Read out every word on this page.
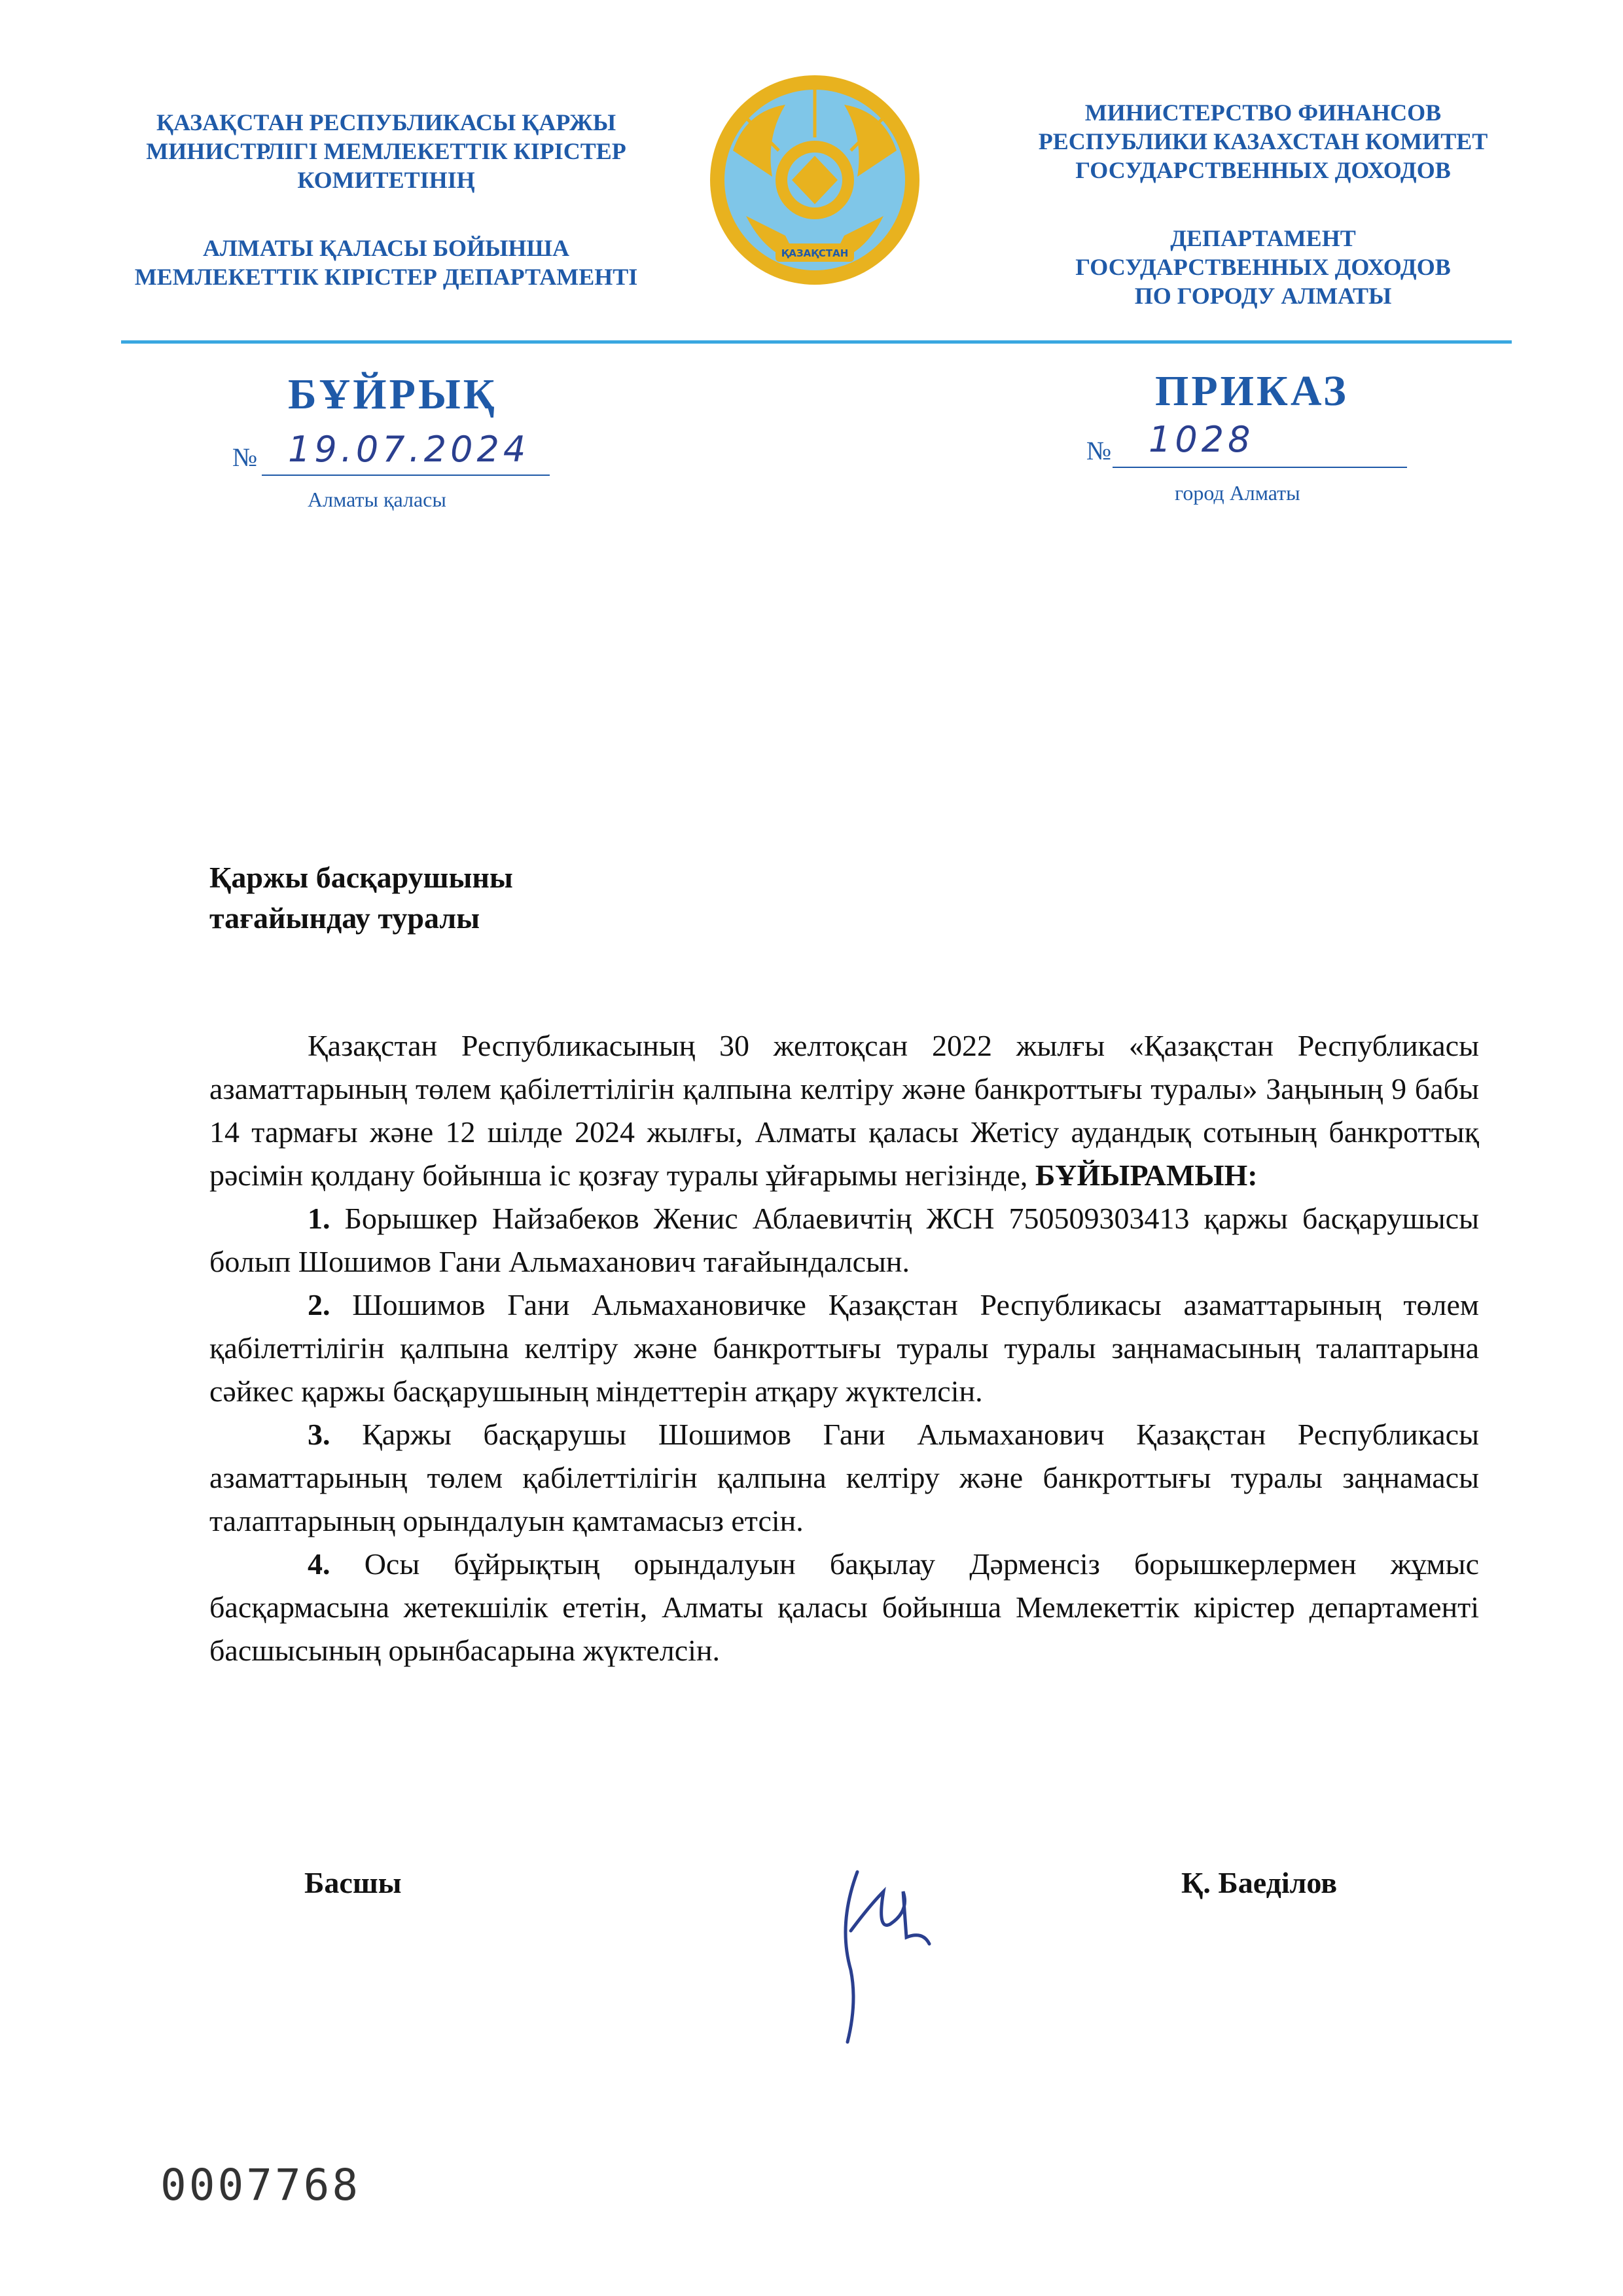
ҚАЗАҚСТАН РЕСПУБЛИКАСЫ ҚАРЖЫ
МИНИСТРЛІГІ МЕМЛЕКЕТТІК КІРІСТЕР
КОМИТЕТІНІҢ
АЛМАТЫ ҚАЛАСЫ БОЙЫНША
МЕМЛЕКЕТТІК КІРІСТЕР ДЕПАРТАМЕНТІ
ҚАЗАҚСТАН
МИНИСТЕРСТВО ФИНАНСОВ
РЕСПУБЛИКИ КАЗАХСТАН КОМИТЕТ
ГОСУДАРСТВЕННЫХ ДОХОДОВ
ДЕПАРТАМЕНТ
ГОСУДАРСТВЕННЫХ ДОХОДОВ
ПО ГОРОДУ АЛМАТЫ
БҰЙРЫҚ	ПРИКАЗ
№ 19.07.2024
Алматы қаласы
№ 1028
город Алматы
Қаржы басқарушыны
тағайындау туралы

Қазақстан Республикасының 30 желтоқсан 2022 жылғы «Қазақстан Республикасы азаматтарының төлем қабілеттілігін қалпына келтіру және банкроттығы туралы» Заңының 9 бабы 14 тармағы және 12 шілде 2024 жылғы, Алматы қаласы Жетісу аудандық сотының банкроттық рәсімін қолдану бойынша іс қозғау туралы ұйғарымы негізінде, БҰЙЫРАМЫН:

1. Борышкер Найзабеков Женис Аблаевичтің ЖСН 750509303413 қаржы басқарушысы болып Шошимов Гани Альмаханович тағайындалсын.

2. Шошимов Гани Альмахановичке Қазақстан Республикасы азаматтарының төлем қабілеттілігін қалпына келтіру және банкроттығы туралы туралы заңнамасының талаптарына сәйкес қаржы басқарушының міндеттерін атқару жүктелсін.

3. Қаржы басқарушы Шошимов Гани Альмаханович Қазақстан Республикасы азаматтарының төлем қабілеттілігін қалпына келтіру және банкроттығы туралы заңнамасы талаптарының орындалуын қамтамасыз етсін.

4. Осы бұйрықтың орындалуын бақылау Дәрменсіз борышкерлермен жұмыс басқармасына жетекшілік ететін, Алматы қаласы бойынша Мемлекеттік кірістер департаменті басшысының орынбасарына жүктелсін.

Басшы	Қ. Баеділов
0007768
